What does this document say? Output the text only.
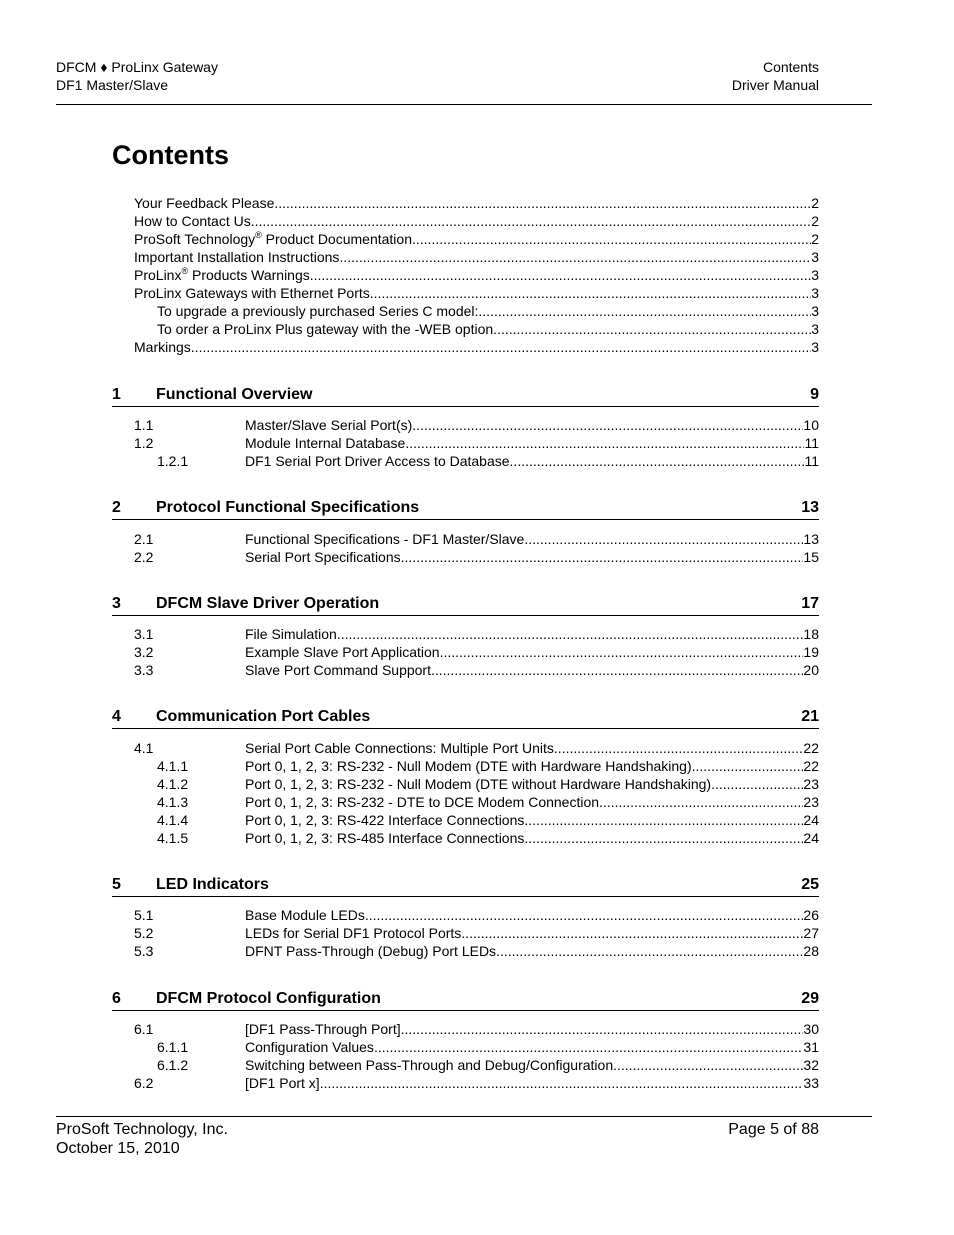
DFCM ♦ ProLinx Gateway
DF1 Master/Slave
Contents
Driver Manual
Contents
Your Feedback Please .....	2
How to Contact Us .....	2
ProSoft Technology® Product Documentation .....	2
Important Installation Instructions .....	3
ProLinx® Products Warnings .....	3
ProLinx Gateways with Ethernet Ports .....	3
To upgrade a previously purchased Series C model: .....	3
To order a ProLinx Plus gateway with the -WEB option .....	3
Markings .....	3
1	Functional Overview	9
1.1	Master/Slave Serial Port(s) .....	10
1.2	Module Internal Database .....	11
1.2.1	DF1 Serial Port Driver Access to Database .....	11
2	Protocol Functional Specifications	13
2.1	Functional Specifications - DF1 Master/Slave .....	13
2.2	Serial Port Specifications .....	15
3	DFCM Slave Driver Operation	17
3.1	File Simulation .....	18
3.2	Example Slave Port Application .....	19
3.3	Slave Port Command Support .....	20
4	Communication Port Cables	21
4.1	Serial Port Cable Connections: Multiple Port Units .....	22
4.1.1	Port 0, 1, 2, 3: RS-232 - Null Modem (DTE with Hardware Handshaking) .....	22
4.1.2	Port 0, 1, 2, 3: RS-232 - Null Modem (DTE without Hardware Handshaking) .....	23
4.1.3	Port 0, 1, 2, 3: RS-232 - DTE to DCE Modem Connection .....	23
4.1.4	Port 0, 1, 2, 3: RS-422 Interface Connections .....	24
4.1.5	Port 0, 1, 2, 3: RS-485 Interface Connections .....	24
5	LED Indicators	25
5.1	Base Module LEDs .....	26
5.2	LEDs for Serial DF1 Protocol Ports .....	27
5.3	DFNT Pass-Through (Debug) Port LEDs .....	28
6	DFCM Protocol Configuration	29
6.1	[DF1 Pass-Through Port] .....	30
6.1.1	Configuration Values .....	31
6.1.2	Switching between Pass-Through and Debug/Configuration .....	32
6.2	[DF1 Port x] .....	33
ProSoft Technology, Inc.
October 15, 2010
Page 5 of 88
